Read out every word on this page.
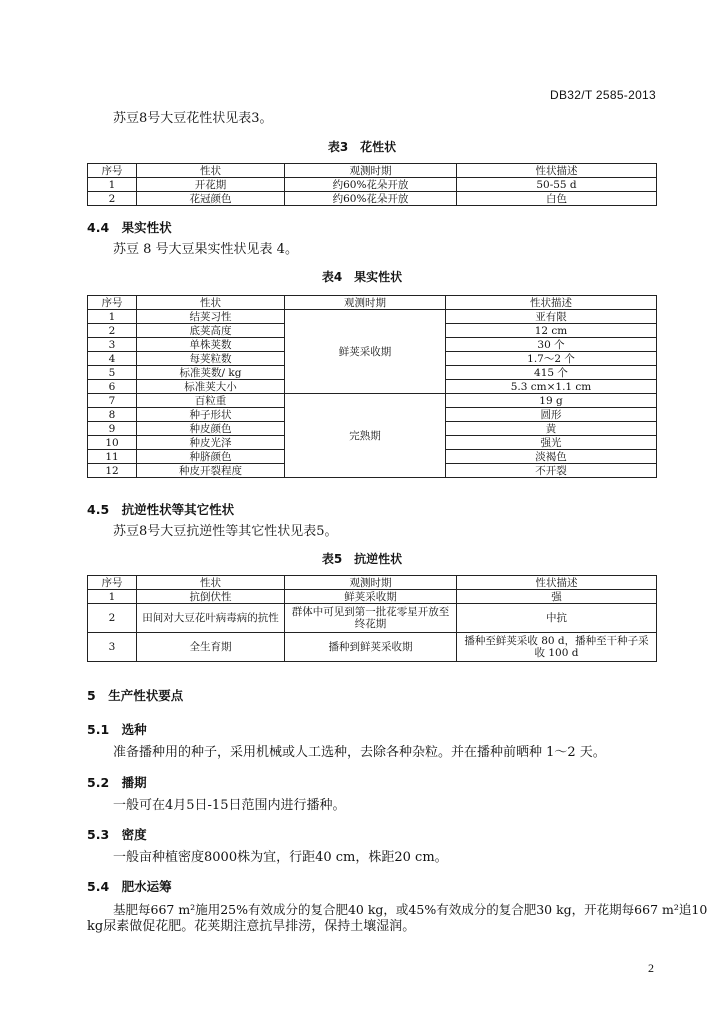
DB32/T 2585-2013
苏豆8号大豆花性状见表3。
表3　花性状
序号	性状	观测时期	性状描述
1	开花期	约60%花朵开放	50-55 d
2	花冠颜色	约60%花朵开放	白色
4.4　果实性状
苏豆 8 号大豆果实性状见表 4。
表4　果实性状
序号	性状	观测时期	性状描述
1	结荚习性	鲜荚采收期	亚有限
2	底荚高度		12 cm
3	单株荚数		30 个
4	每荚粒数		1.7～2 个
5	标准荚数/ kg		415 个
6	标准荚大小		5.3 cm×1.1 cm
7	百粒重	完熟期	19 g
8	种子形状		圆形
9	种皮颜色		黄
10	种皮光泽		强光
11	种脐颜色		淡褐色
12	种皮开裂程度		不开裂
4.5　抗逆性状等其它性状
苏豆8号大豆抗逆性等其它性状见表5。
表5　抗逆性状
序号	性状	观测时期	性状描述
1	抗倒伏性	鲜荚采收期	强
2	田间对大豆花叶病毒病的抗性	群体中可见到第一批花零星开放至终花期	中抗
3	全生育期	播种到鲜荚采收期	播种至鲜荚采收 80 d，播种至干种子采收 100 d
5　生产性状要点
5.1　选种
准备播种用的种子，采用机械或人工选种，去除各种杂粒。并在播种前晒种 1～2 天。
5.2　播期
一般可在4月5日-15日范围内进行播种。
5.3　密度
一般亩种植密度8000株为宜，行距40 cm，株距20 cm。
5.4　肥水运筹
基肥每667 m²施用25%有效成分的复合肥40 kg，或45%有效成分的复合肥30 kg，开花期每667 m²追10
kg尿素做促花肥。花荚期注意抗旱排涝，保持土壤湿润。
2
